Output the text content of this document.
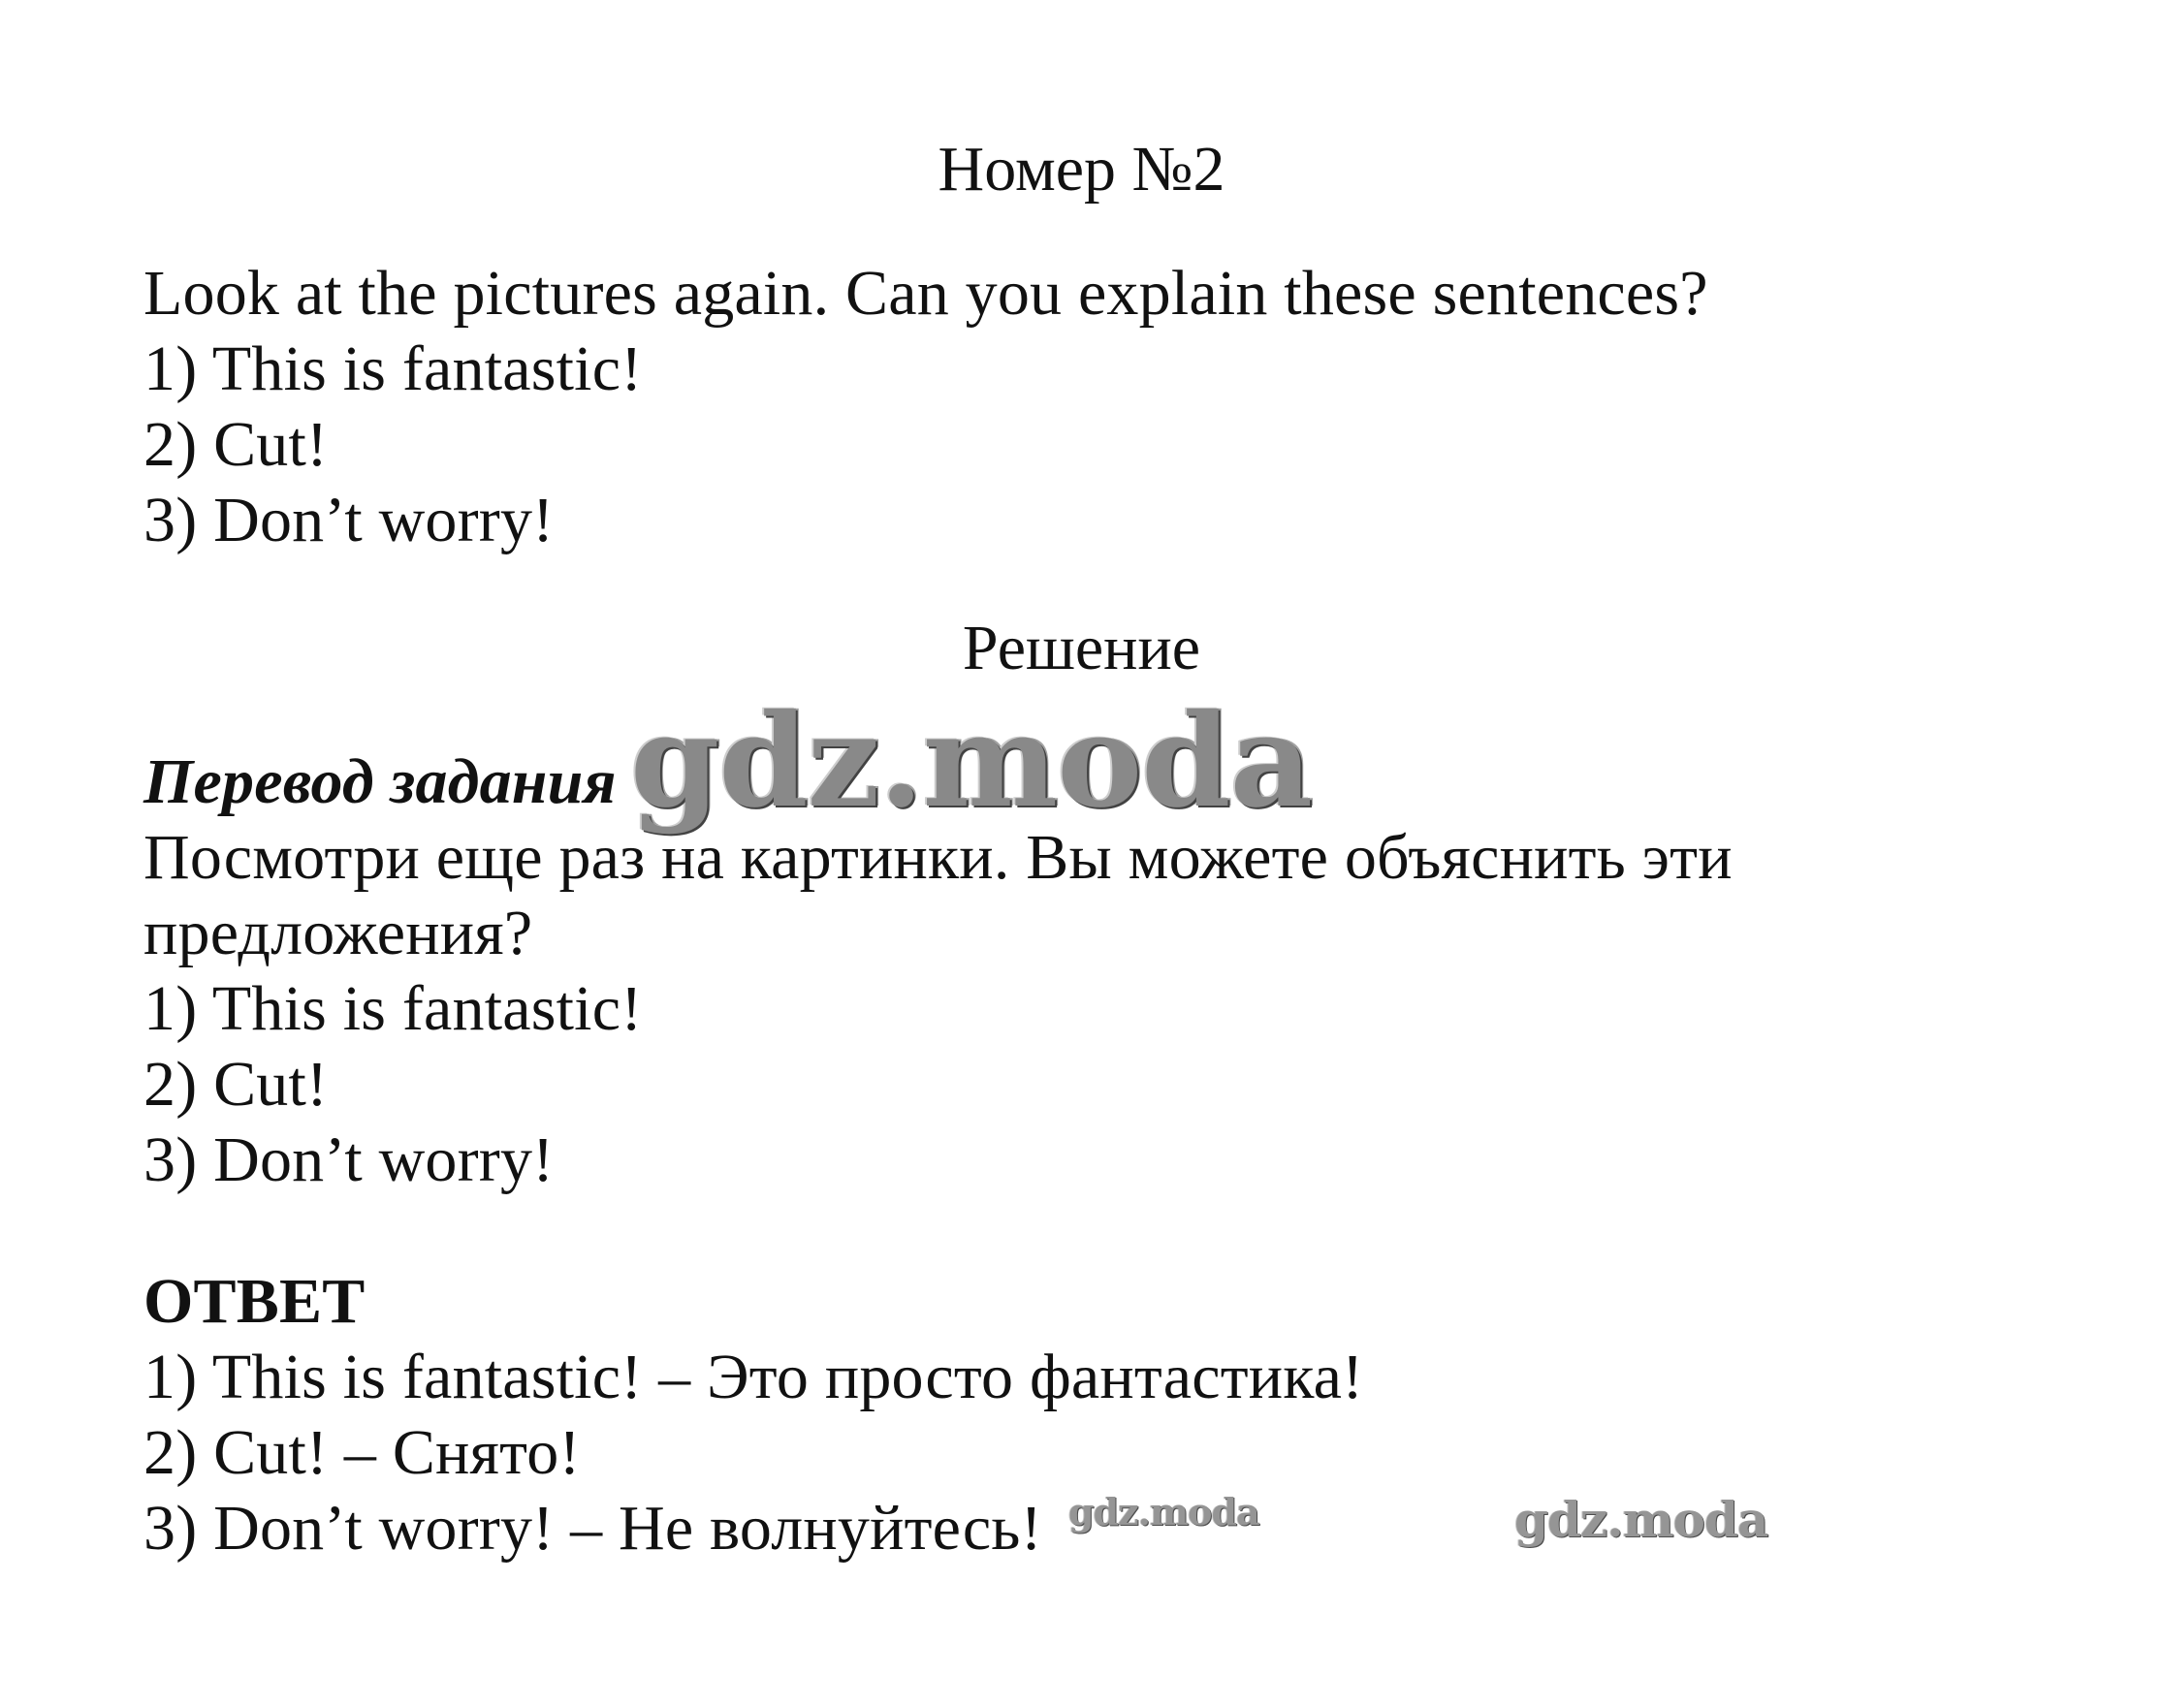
Номер №2
Look at the pictures again. Can you explain these sentences?
1) This is fantastic!
2) Cut!
3) Don’t worry!
Решение
Перевод задания
Посмотри еще раз на картинки. Вы можете объяснить эти
предложения?
1) This is fantastic!
2) Cut!
3) Don’t worry!
ОТВЕТ
1) This is fantastic! – Это просто фантастика!
2) Cut! – Снято!
3) Don’t worry! – Не волнуйтесь!
gdz.moda
gdz.moda	gdz.moda
